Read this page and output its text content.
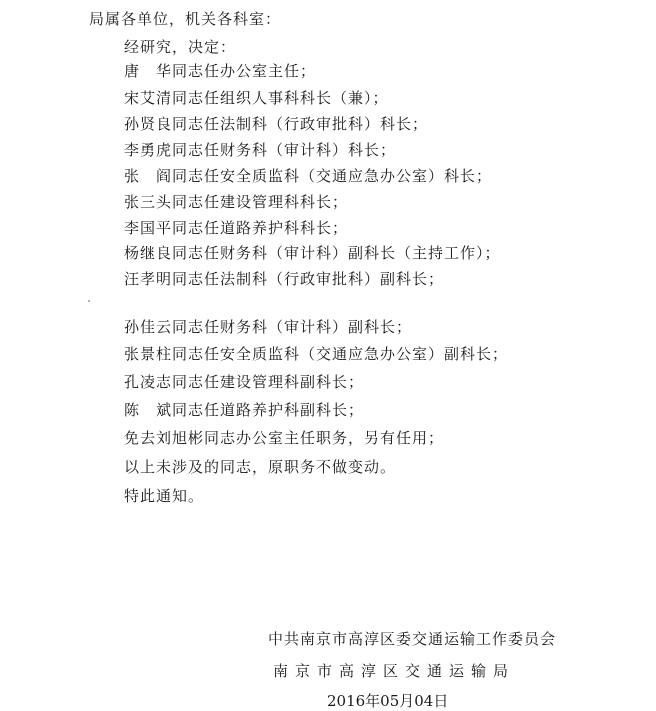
局属各单位，机关各科室：
经研究，决定：
唐　华同志任办公室主任；
宋艾清同志任组织人事科科长（兼）；
孙贤良同志任法制科（行政审批科）科长；
李勇虎同志任财务科（审计科）科长；
张　阎同志任安全质监科（交通应急办公室）科长；
张三头同志任建设管理科科长；
李国平同志任道路养护科科长；
杨继良同志任财务科（审计科）副科长（主持工作）；
汪孝明同志任法制科（行政审批科）副科长；
孙佳云同志任财务科（审计科）副科长；
张景柱同志任安全质监科（交通应急办公室）副科长；
孔凌志同志任建设管理科副科长；
陈　斌同志任道路养护科副科长；
免去刘旭彬同志办公室主任职务，另有任用；
以上未涉及的同志，原职务不做变动。
特此通知。
中共南京市高淳区委交通运输工作委员会
南京市高淳区交通运输局
2016年05月04日
